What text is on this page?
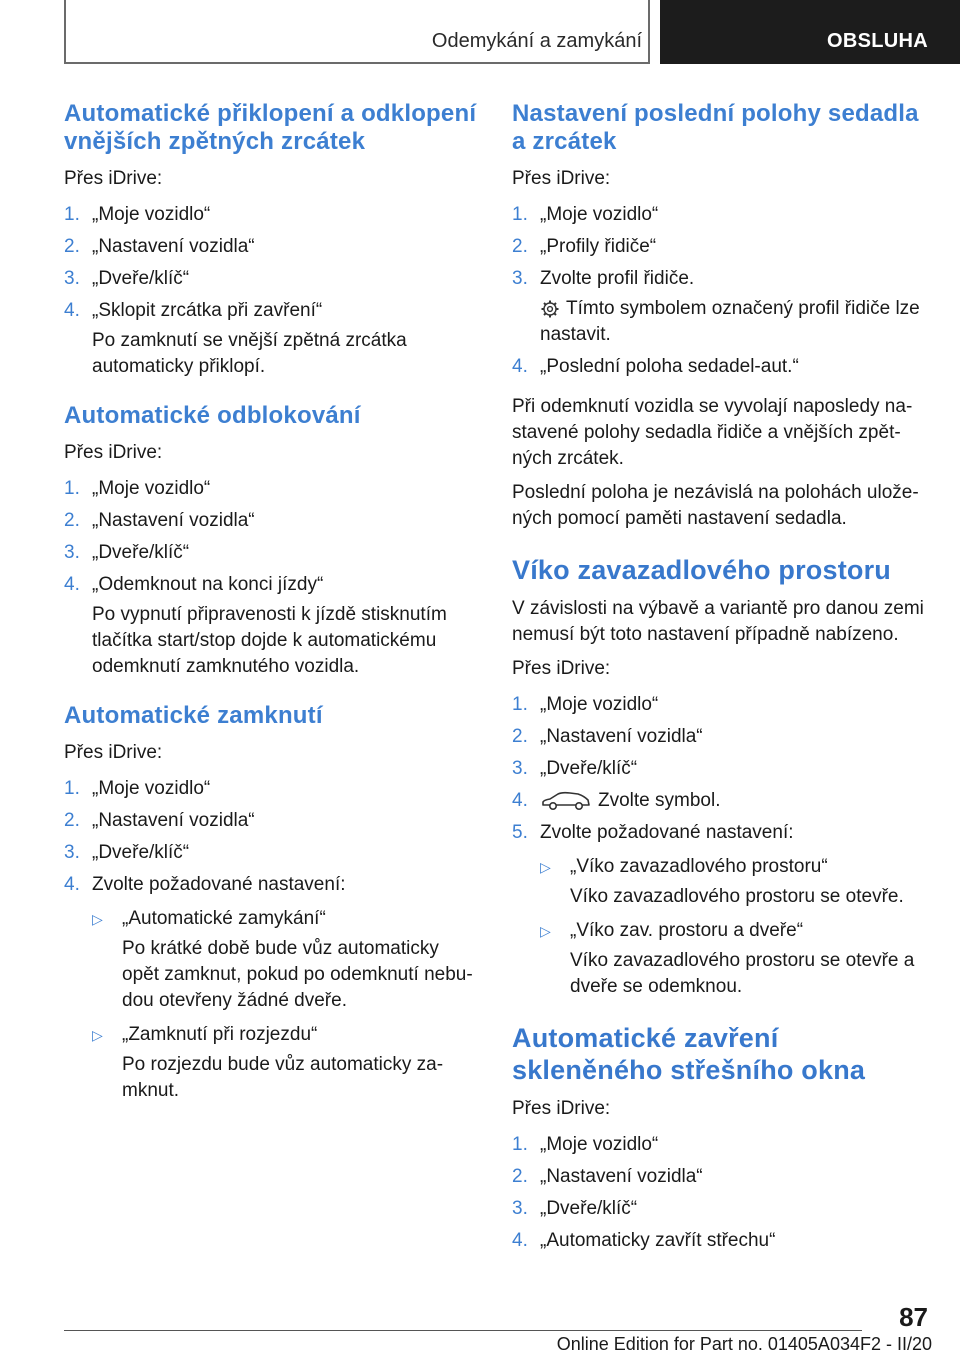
Odemykání a zamykání	OBSLUHA
Automatické přiklopení a odklopení vnějších zpětných zrcátek

Přes iDrive:

1. „Moje vozidlo“
2. „Nastavení vozidla“
3. „Dveře/klíč“
4. „Sklopit zrcátka při zavření“
Po zamknutí se vnější zpětná zrcátka automaticky přiklopí.
Automatické odblokování

Přes iDrive:

1. „Moje vozidlo“
2. „Nastavení vozidla“
3. „Dveře/klíč“
4. „Odemknout na konci jízdy“
Po vypnutí připravenosti k jízdě stisknutím tlačítka start/stop dojde k automatickému odemknutí zamknutého vozidla.
Automatické zamknutí

Přes iDrive:

1. „Moje vozidlo“
2. „Nastavení vozidla“
3. „Dveře/klíč“
4. Zvolte požadované nastavení:
▷ „Automatické zamykání“
Po krátké době bude vůz automaticky opět zamknut, pokud po odemknutí nebudou otevřeny žádné dveře.
▷ „Zamknutí při rozjezdu“
Po rozjezdu bude vůz automaticky zamknut.
Nastavení poslední polohy sedadla a zrcátek

Přes iDrive:

1. „Moje vozidlo“
2. „Profily řidiče“
3. Zvolte profil řidiče.
Tímto symbolem označený profil řidiče lze nastavit.
4. „Poslední poloha sedadel-aut.“

Při odemknutí vozidla se vyvolají naposledy nastavené polohy sedadla řidiče a vnějších zpětných zrcátek.

Poslední poloha je nezávislá na polohách uložených pomocí paměti nastavení sedadla.

Víko zavazadlového prostoru

V závislosti na výbavě a variantě pro danou zemi nemusí být toto nastavení případně nabízeno.

Přes iDrive:

1. „Moje vozidlo“
2. „Nastavení vozidla“
3. „Dveře/klíč“
4.	Zvolte symbol.
5. Zvolte požadované nastavení:
▷ „Víko zavazadlového prostoru“
Víko zavazadlového prostoru se otevře.
▷ „Víko zav. prostoru a dveře“
Víko zavazadlového prostoru se otevře a dveře se odemknou.
Automatické zavření skleněného střešního okna

Přes iDrive:

1. „Moje vozidlo“
2. „Nastavení vozidla“
3. „Dveře/klíč“
4. „Automaticky zavřít střechu“
87
Online Edition for Part no. 01405A034F2 - II/20
